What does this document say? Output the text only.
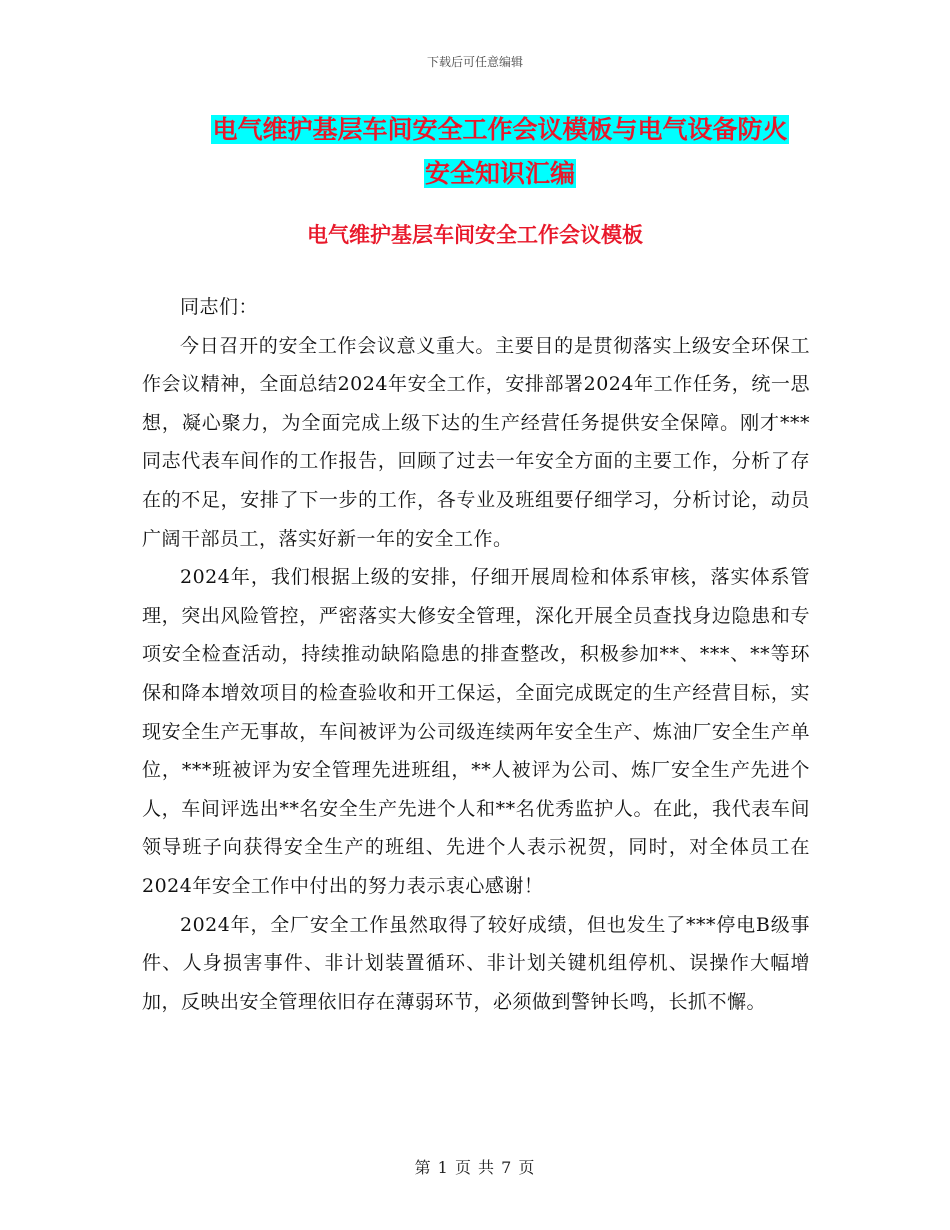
下载后可任意编辑
电气维护基层车间安全工作会议模板与电气设备防火
安全知识汇编
电气维护基层车间安全工作会议模板

同志们：

今日召开的安全工作会议意义重大。主要目的是贯彻落实上级安全环保工作会议精神，全面总结2024年安全工作，安排部署2024年工作任务，统一思想，凝心聚力，为全面完成上级下达的生产经营任务提供安全保障。刚才***同志代表车间作的工作报告，回顾了过去一年安全方面的主要工作，分析了存在的不足，安排了下一步的工作，各专业及班组要仔细学习，分析讨论，动员广阔干部员工，落实好新一年的安全工作。

2024年，我们根据上级的安排，仔细开展周检和体系审核，落实体系管理，突出风险管控，严密落实大修安全管理，深化开展全员查找身边隐患和专项安全检查活动，持续推动缺陷隐患的排查整改，积极参加**、***、**等环保和降本增效项目的检查验收和开工保运，全面完成既定的生产经营目标，实现安全生产无事故，车间被评为公司级连续两年安全生产、炼油厂安全生产单位，***班被评为安全管理先进班组，**人被评为公司、炼厂安全生产先进个人，车间评选出**名安全生产先进个人和**名优秀监护人。在此，我代表车间领导班子向获得安全生产的班组、先进个人表示祝贺，同时，对全体员工在2024年安全工作中付出的努力表示衷心感谢！

2024年，全厂安全工作虽然取得了较好成绩，但也发生了***停电B级事件、人身损害事件、非计划装置循环、非计划关键机组停机、误操作大幅增加，反映出安全管理依旧存在薄弱环节，必须做到警钟长鸣，长抓不懈。

第 1 页 共 7 页
